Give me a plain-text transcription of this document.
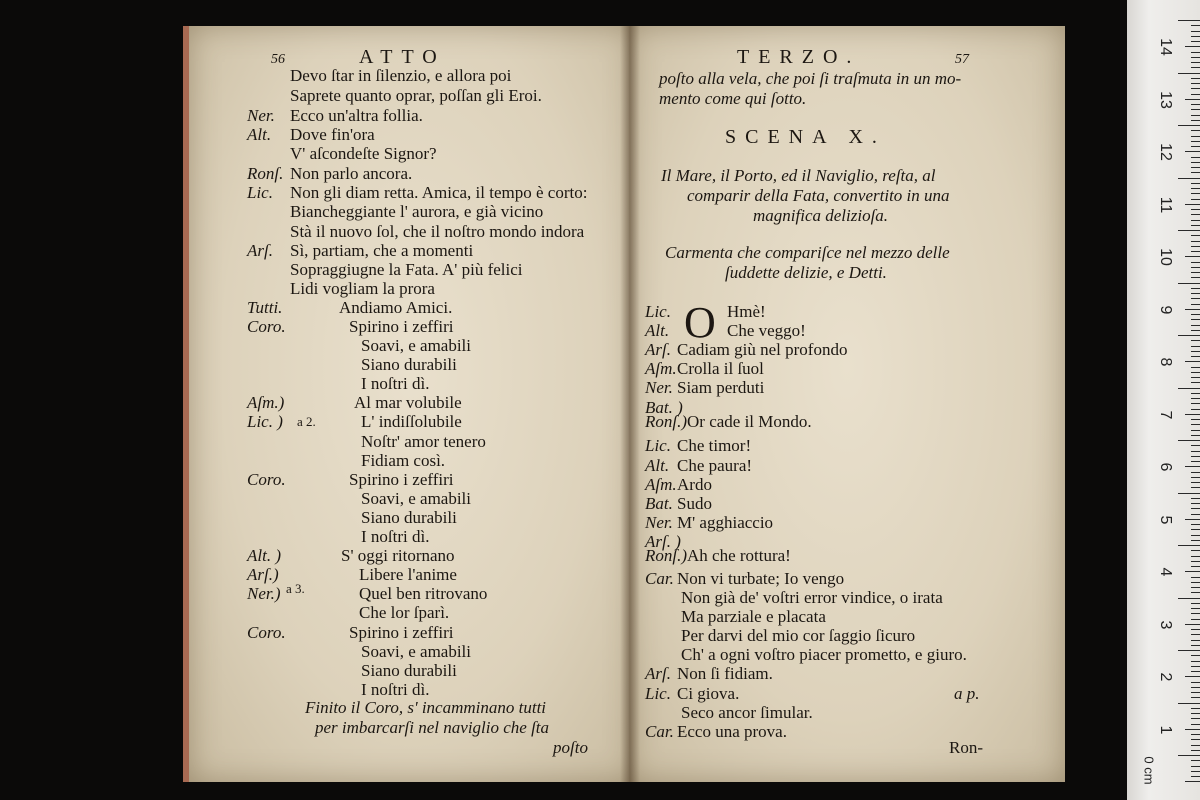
0 cm
14
13
12
11
10
9
8
7
6
5
4
3
2
1
56	ATTO
a 2.
a 3.
Finito il Coro, s' incamminano tutti
per imbarcarſi nel naviglio che ſta
poſto
Devo ſtar in ſilenzio, e allora poi
Saprete quanto oprar, poſſan gli Eroi.
Ner. Ecco un'altra follia.
Alt. Dove fin'ora
V' aſcondeſte Signor?
Ronſ. Non parlo ancora.
Lic. Non gli diam retta. Amica, il tempo è corto:
Biancheggiante l' aurora, e già vicino
Stà il nuovo ſol, che il noſtro mondo indora
Arſ. Sì, partiam, che a momenti
Sopraggiugne la Fata. A' più felici
Lidi vogliam la prora
Tutti.	Andiamo Amici.
Coro.	Spirino i zeffiri
Soavi, e amabili
Siano durabili
I noſtri dì.
Aſm.)	Al mar volubile
Lic. )	L' indiſſolubile
Noſtr' amor tenero
Fidiam così.
Coro.	Spirino i zeffiri
Soavi, e amabili
Siano durabili
I noſtri dì.
Alt. )	S' oggi ritornano
Arſ.)	Libere l'anime
Ner.)	Quel ben ritrovano
Che lor ſparì.
Coro.	Spirino i zeffiri
Soavi, e amabili
Siano durabili
I noſtri dì.
TERZO.	57
poſto alla vela, che poi ſi traſmuta in un mo-
mento come qui ſotto.
SCENA X.
Il Mare, il Porto, ed il Naviglio, reſta, al
comparir della Fata, convertito in una
magnifica delizioſa.
Carmenta che compariſce nel mezzo delle
ſuddette delizie, e Detti.
O
a p.
Ron-
Lic.	Hmè!
Alt.	Che veggo!
Arſ. Cadiam giù nel profondo
Aſm. Crolla il ſuol
Ner. Siam perduti
Bat. )
Ronſ.) Or cade il Mondo.
Lic. Che timor!
Alt. Che paura!
Aſm. Ardo
Bat. Sudo
Ner. M' agghiaccio
Arſ. )
Ronſ.) Ah che rottura!
Car. Non vi turbate; Io vengo
Non già de' voſtri error vindice, o irata
Ma parziale e placata
Per darvi del mio cor ſaggio ſicuro
Ch' a ogni voſtro piacer prometto, e giuro.
Arſ. Non ſi fidiam.
Lic. Ci giova.
Seco ancor ſimular.
Car. Ecco una prova.
